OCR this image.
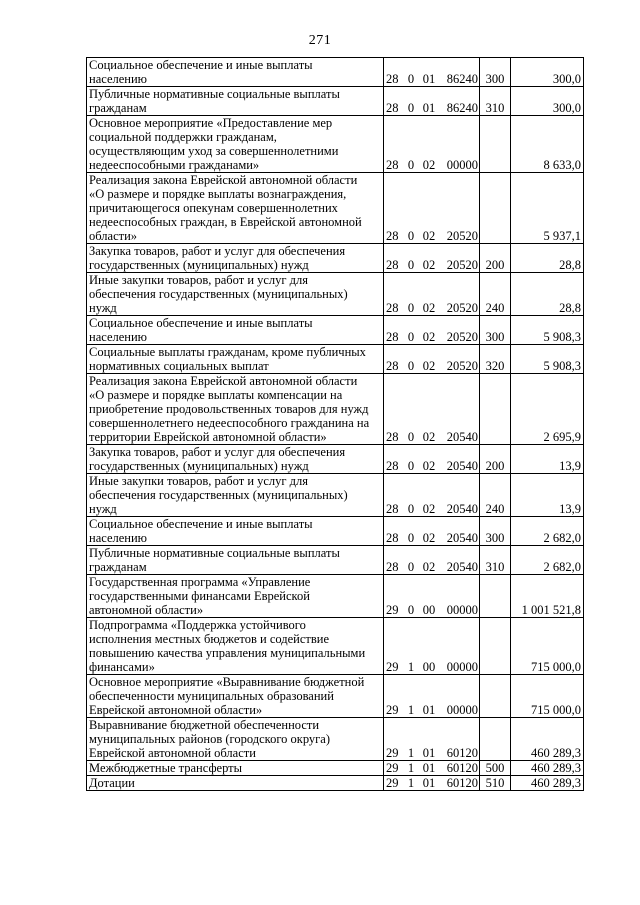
271
Социальное обеспечение и иные выплаты
населению	28 0 01 86240	300	300,0

Публичные нормативные социальные выплаты
гражданам	28 0 01 86240	310	300,0

Основное мероприятие «Предоставление мер
социальной поддержки гражданам,
осуществляющим уход за совершеннолетними
недееспособными гражданами»	28 0 02 00000		8 633,0

Реализация закона Еврейской автономной области
«О размере и порядке выплаты вознаграждения,
причитающегося опекунам совершеннолетних
недееспособных граждан, в Еврейской автономной
области»	28 0 02 20520		5 937,1

Закупка товаров, работ и услуг для обеспечения
государственных (муниципальных) нужд	28 0 02 20520	200	28,8

Иные закупки товаров, работ и услуг для
обеспечения государственных (муниципальных)
нужд	28 0 02 20520	240	28,8

Социальное обеспечение и иные выплаты
населению	28 0 02 20520	300	5 908,3

Социальные выплаты гражданам, кроме публичных
нормативных социальных выплат	28 0 02 20520	320	5 908,3

Реализация закона Еврейской автономной области
«О размере и порядке выплаты компенсации на
приобретение продовольственных товаров для нужд
совершеннолетнего недееспособного гражданина на
территории Еврейской автономной области»	28 0 02 20540		2 695,9

Закупка товаров, работ и услуг для обеспечения
государственных (муниципальных) нужд	28 0 02 20540	200	13,9

Иные закупки товаров, работ и услуг для
обеспечения государственных (муниципальных)
нужд	28 0 02 20540	240	13,9

Социальное обеспечение и иные выплаты
населению	28 0 02 20540	300	2 682,0

Публичные нормативные социальные выплаты
гражданам	28 0 02 20540	310	2 682,0

Государственная программа «Управление
государственными финансами Еврейской
автономной области»	29 0 00 00000		1 001 521,8

Подпрограмма «Поддержка устойчивого
исполнения местных бюджетов и содействие
повышению качества управления муниципальными
финансами»	29 1 00 00000		715 000,0

Основное мероприятие «Выравнивание бюджетной
обеспеченности муниципальных образований
Еврейской автономной области»	29 1 01 00000		715 000,0

Выравнивание бюджетной обеспеченности
муниципальных районов (городского округа)
Еврейской автономной области	29 1 01 60120		460 289,3

Межбюджетные трансферты	29 1 01 60120	500	460 289,3

Дотации	29 1 01 60120	510	460 289,3
